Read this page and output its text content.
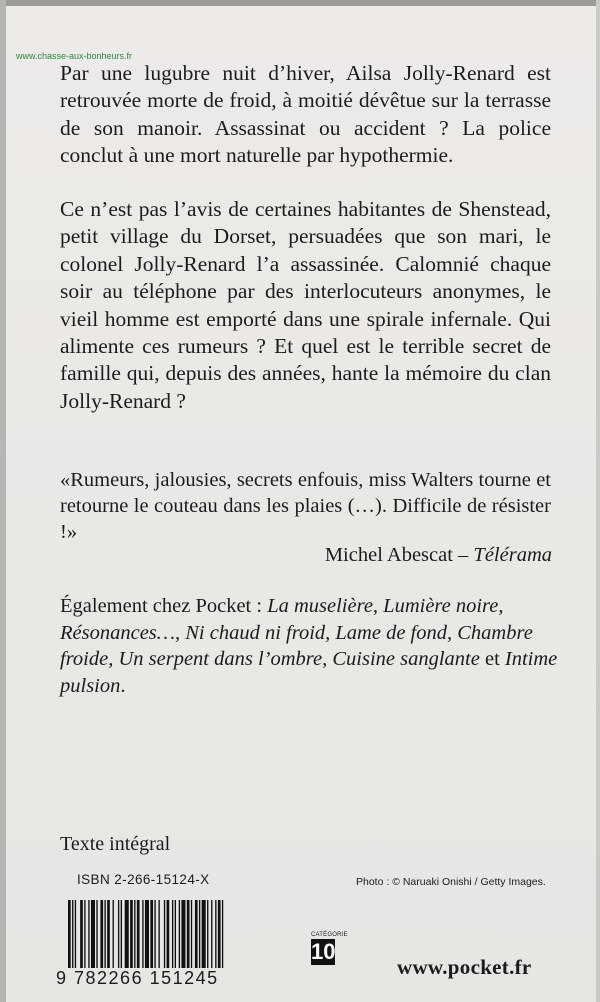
www.chasse-aux-bonheurs.fr

Par une lugubre nuit d’hiver, Ailsa Jolly-Renard est retrouvée morte de froid, à moitié dévêtue sur la terrasse de son manoir. Assassinat ou accident ? La police conclut à une mort naturelle par hypothermie.

Ce n’est pas l’avis de certaines habitantes de Shenstead, petit village du Dorset, persuadées que son mari, le colonel Jolly-Renard l’a assassinée. Calomnié chaque soir au téléphone par des interlocuteurs anonymes, le vieil homme est emporté dans une spirale infernale. Qui alimente ces rumeurs ? Et quel est le terrible secret de famille qui, depuis des années, hante la mémoire du clan Jolly-Renard ?

«Rumeurs, jalousies, secrets enfouis, miss Walters tourne et retourne le couteau dans les plaies (…). Difficile de résister !»

Michel Abescat – Télérama

Également chez Pocket : La muselière, Lumière noire, Résonances…, Ni chaud ni froid, Lame de fond, Chambre froide, Un serpent dans l’ombre, Cuisine sanglante et Intime pulsion.

Texte intégral
ISBN 2-266-15124-X	Photo : © Naruaki Onishi / Getty Images.
9 782266 151245
CATÉGORIE
10
www.pocket.fr
